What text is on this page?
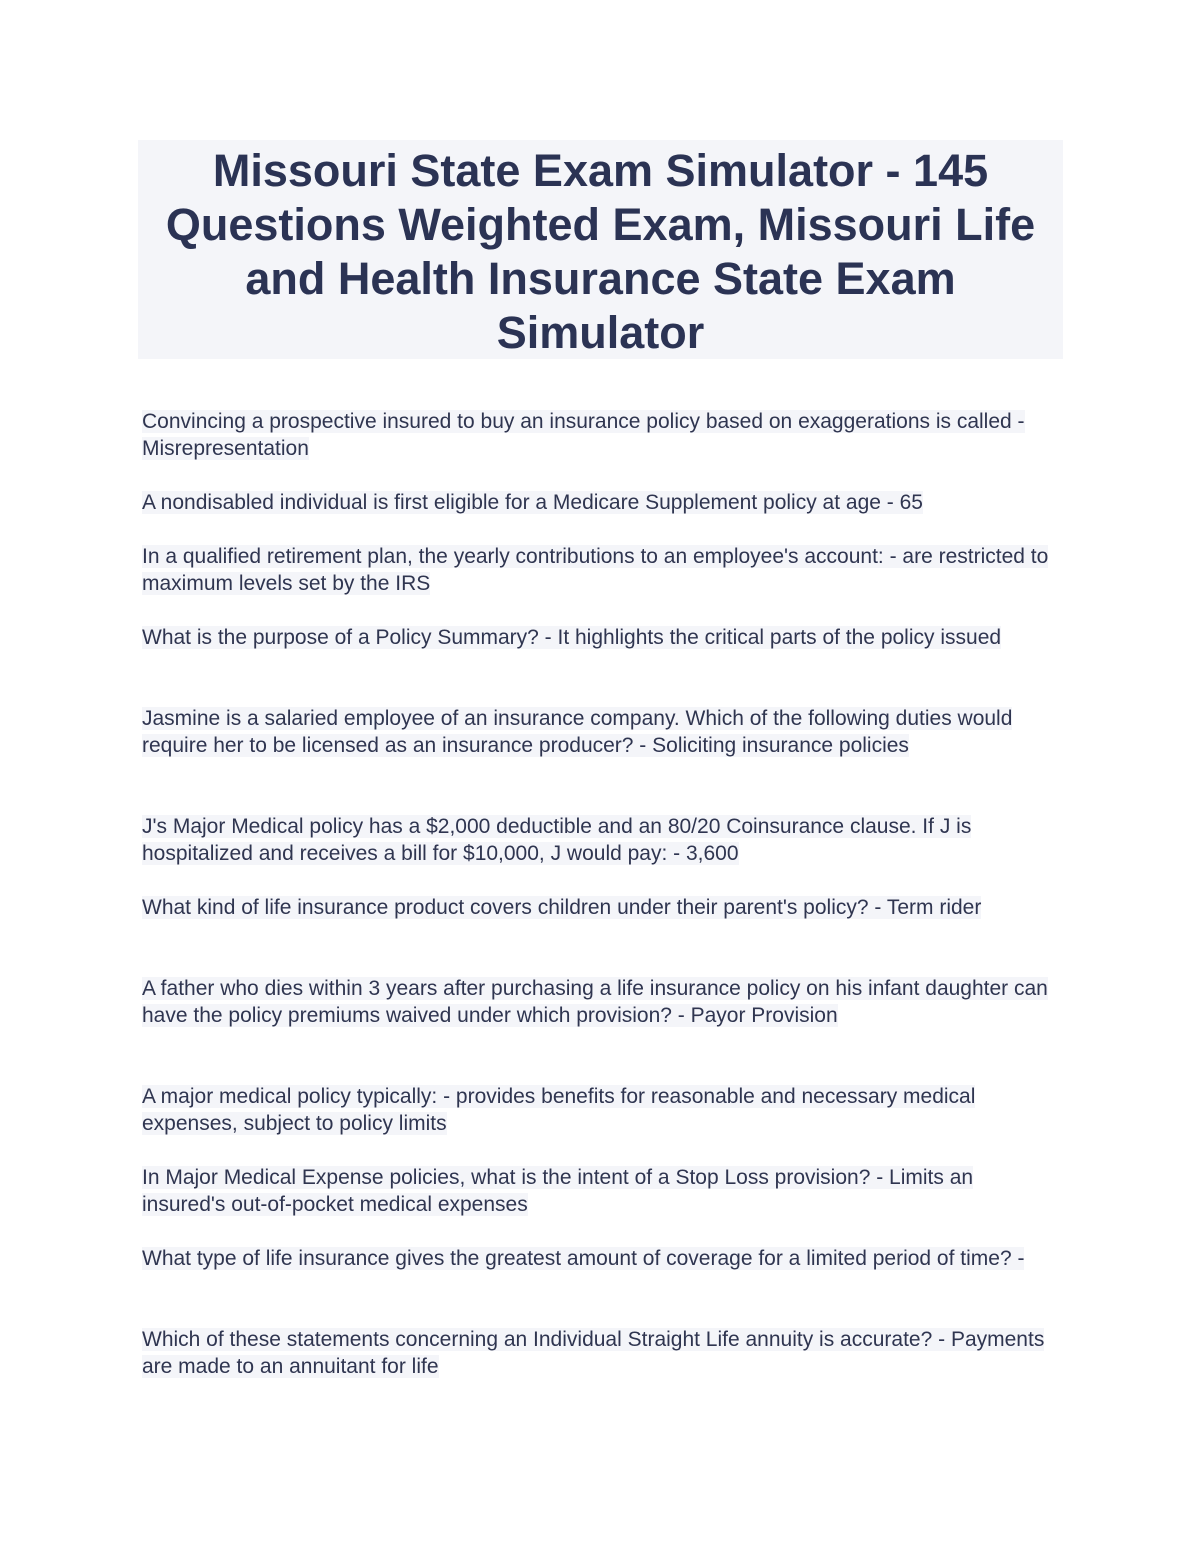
Missouri State Exam Simulator - 145 Questions Weighted Exam, Missouri Life and Health Insurance State Exam Simulator

Convincing a prospective insured to buy an insurance policy based on exaggerations is called - Misrepresentation

A nondisabled individual is first eligible for a Medicare Supplement policy at age - 65

In a qualified retirement plan, the yearly contributions to an employee's account: - are restricted to maximum levels set by the IRS

What is the purpose of a Policy Summary? - It highlights the critical parts of the policy issued

Jasmine is a salaried employee of an insurance company. Which of the following duties would require her to be licensed as an insurance producer? - Soliciting insurance policies

J's Major Medical policy has a $2,000 deductible and an 80/20 Coinsurance clause. If J is hospitalized and receives a bill for $10,000, J would pay: - 3,600

What kind of life insurance product covers children under their parent's policy? - Term rider

A father who dies within 3 years after purchasing a life insurance policy on his infant daughter can have the policy premiums waived under which provision? - Payor Provision

A major medical policy typically: - provides benefits for reasonable and necessary medical expenses, subject to policy limits

In Major Medical Expense policies, what is the intent of a Stop Loss provision? - Limits an insured's out-of-pocket medical expenses

What type of life insurance gives the greatest amount of coverage for a limited period of time? -

Which of these statements concerning an Individual Straight Life annuity is accurate? - Payments are made to an annuitant for life
